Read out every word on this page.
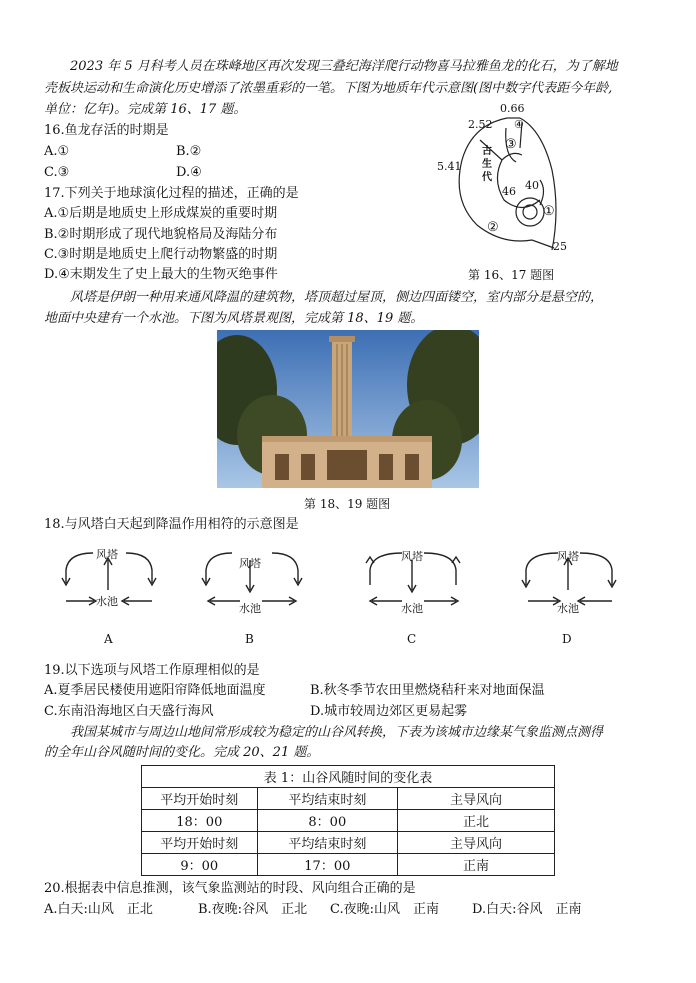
2023 年 5 月科考人员在珠峰地区再次发现三叠纪海洋爬行动物喜马拉雅鱼龙的化石，为了解地
壳板块运动和生命演化历史增添了浓墨重彩的一笔。下图为地质年代示意图(图中数字代表距今年龄,
单位：亿年)。完成第 16、17 题。
16.鱼龙存活的时期是
A.①	B.②
C.③	D.④
17.下列关于地球演化过程的描述，正确的是
A.①后期是地质史上形成煤炭的重要时期
B.②时期形成了现代地貌格局及海陆分布
C.③时期是地质史上爬行动物繁盛的时期
D.④末期发生了史上最大的生物灭绝事件
0.66
2.52
5.41
46 40
25
古生代
①
②
③
④
第 16、17 题图
风塔是伊朗一种用来通风降温的建筑物，塔顶超过屋顶，侧边四面镂空，室内部分是悬空的，
地面中央建有一个水池。下图为风塔景观图，完成第 18、19 题。
第 18、19 题图
18.与风塔白天起到降温作用相符的示意图是
风塔
水池
风塔
水池
风塔
水池
风塔
水池
A	B	C	D
19.以下选项与风塔工作原理相似的是
A.夏季居民楼使用遮阳帘降低地面温度	B.秋冬季节农田里燃烧秸秆来对地面保温
C.东南沿海地区白天盛行海风	D.城市较周边郊区更易起雾
我国某城市与周边山地间常形成较为稳定的山谷风转换，下表为该城市边缘某气象监测点测得
的全年山谷风随时间的变化。完成 20、21 题。
表 1：山谷风随时间的变化表		
平均开始时刻	平均结束时刻	主导风向
18：00	8：00	正北
平均开始时刻	平均结束时刻	主导风向
9：00	17：00	正南
20.根据表中信息推测，该气象监测站的时段、风向组合正确的是
A.白天:山风　正北	B.夜晚:谷风　正北 C.夜晚:山风　正南	D.白天:谷风　正南
